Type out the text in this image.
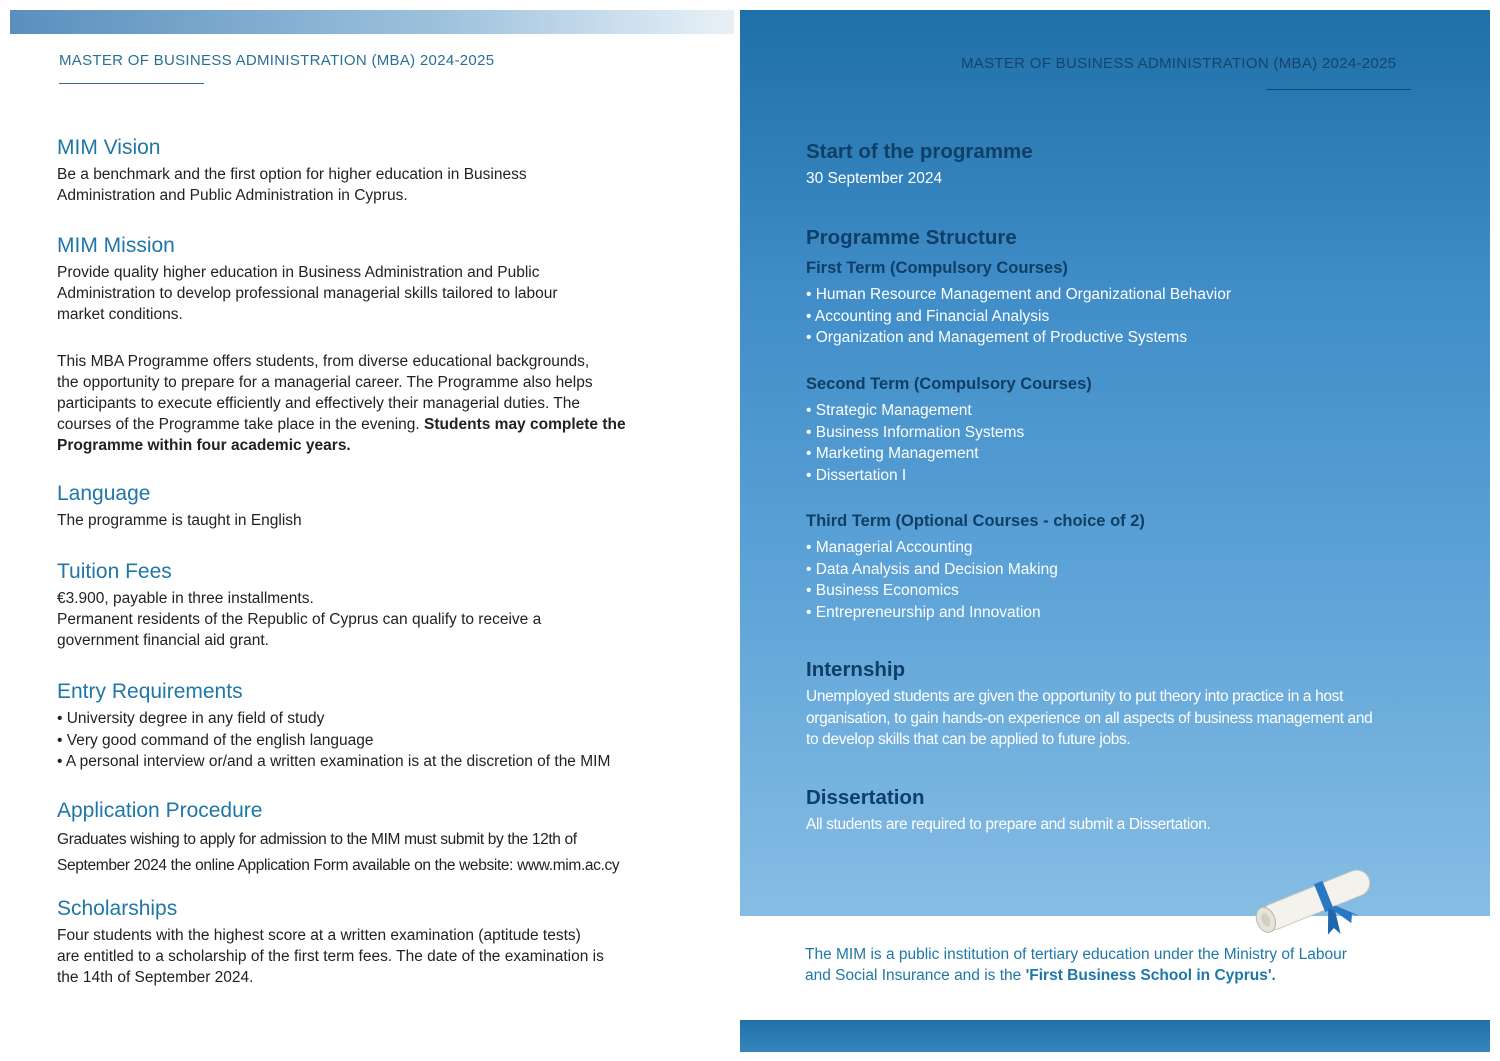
MASTER OF BUSINESS ADMINISTRATION (MBA) 2024-2025
MIM Vision

Be a benchmark and the first option for higher education in Business
Administration and Public Administration in Cyprus.

MIM Mission

Provide quality higher education in Business Administration and Public
Administration to develop professional managerial skills tailored to labour
market conditions.

This MBA Programme offers students, from diverse educational backgrounds,
the opportunity to prepare for a managerial career. The Programme also helps
participants to execute efficiently and effectively their managerial duties. The
courses of the Programme take place in the evening. Students may complete the
Programme within four academic years.

Language

The programme is taught in English

Tuition Fees

€3.900, payable in three installments.
Permanent residents of the Republic of Cyprus can qualify to receive a
government financial aid grant.

Entry Requirements
• University degree in any field of study
• Very good command of the english language
• A personal interview or/and a written examination is at the discretion of the MIM
Application Procedure

Graduates wishing to apply for admission to the MIM must submit by the 12th of
September 2024 the online Application Form available on the website: www.mim.ac.cy

Scholarships

Four students with the highest score at a written examination (aptitude tests)
are entitled to a scholarship of the first term fees. The date of the examination is
the 14th of September 2024.

MASTER OF BUSINESS ADMINISTRATION (MBA) 2024-2025
Start of the programme

30 September 2024

Programme Structure
First Term (Compulsory Courses)
• Human Resource Management and Organizational Behavior
• Accounting and Financial Analysis
• Organization and Management of Productive Systems
Second Term (Compulsory Courses)
• Strategic Management
• Business Information Systems
• Marketing Management
• Dissertation I
Third Term (Optional Courses - choice of 2)
• Managerial Accounting
• Data Analysis and Decision Making
• Business Economics
• Entrepreneurship and Innovation
Internship

Unemployed students are given the opportunity to put theory into practice in a host
organisation, to gain hands-on experience on all aspects of business management and
to develop skills that can be applied to future jobs.

Dissertation

All students are required to prepare and submit a Dissertation.

The MIM is a public institution of tertiary education under the Ministry of Labour
and Social Insurance and is the 'First Business School in Cyprus'.
